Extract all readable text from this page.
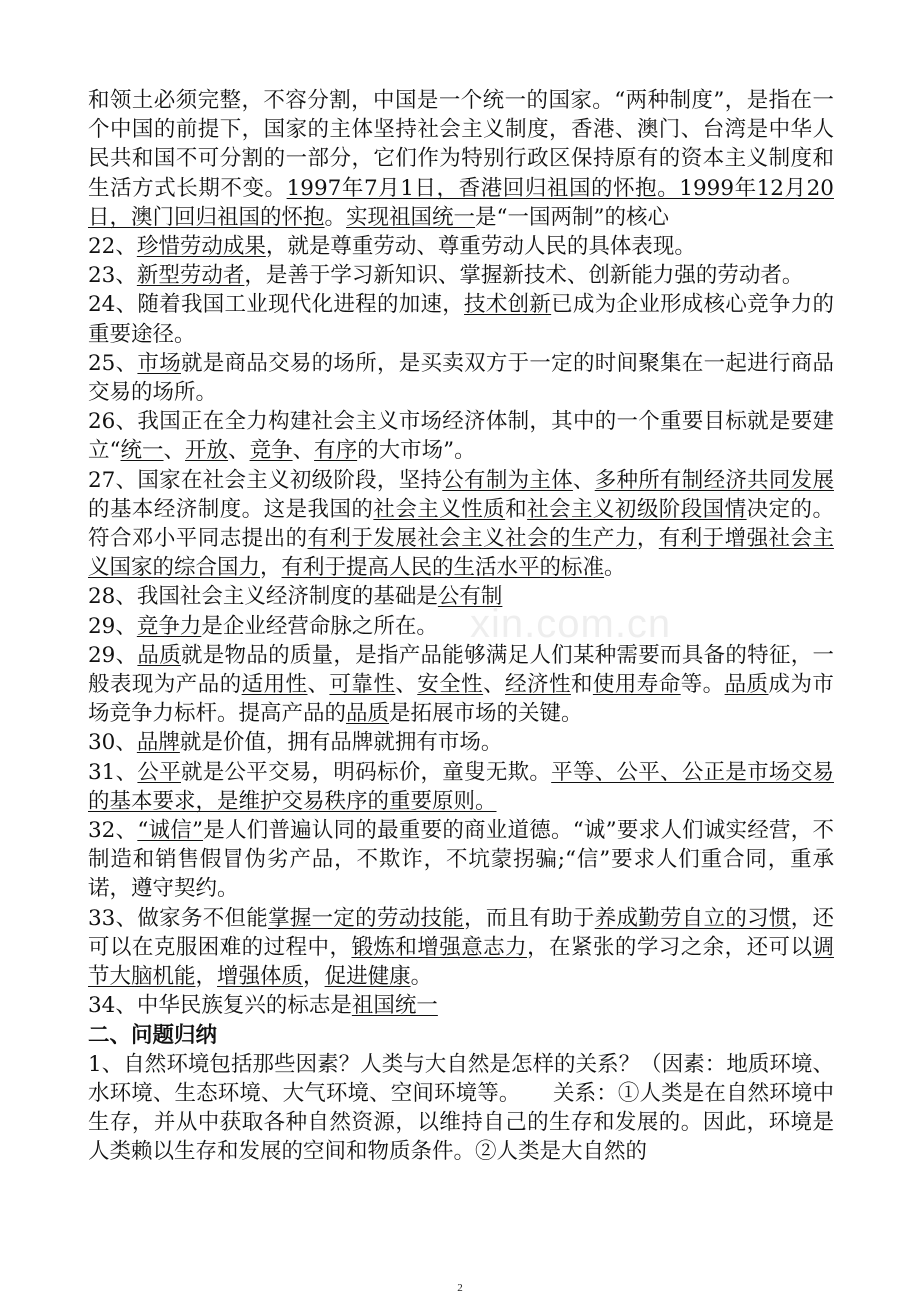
和领土必须完整，不容分割，中国是一个统一的国家。“两种制度”，是指在一个中国的前提下，国家的主体坚持社会主义制度，香港、澳门、台湾是中华人民共和国不可分割的一部分，它们作为特别行政区保持原有的资本主义制度和生活方式长期不变。1997年7月1日，香港回归祖国的怀抱。1999年12月20日，澳门回归祖国的怀抱。实现祖国统一是“一国两制”的核心

22、珍惜劳动成果，就是尊重劳动、尊重劳动人民的具体表现。

23、新型劳动者，是善于学习新知识、掌握新技术、创新能力强的劳动者。

24、随着我国工业现代化进程的加速，技术创新已成为企业形成核心竞争力的重要途径。

25、市场就是商品交易的场所，是买卖双方于一定的时间聚集在一起进行商品交易的场所。

26、我国正在全力构建社会主义市场经济体制，其中的一个重要目标就是要建立“统一、开放、竞争、有序的大市场”。

27、国家在社会主义初级阶段，坚持公有制为主体、多种所有制经济共同发展的基本经济制度。这是我国的社会主义性质和社会主义初级阶段国情决定的。符合邓小平同志提出的有利于发展社会主义社会的生产力，有利于增强社会主义国家的综合国力，有利于提高人民的生活水平的标准。

28、我国社会主义经济制度的基础是公有制

29、竞争力是企业经营命脉之所在。

29、品质就是物品的质量，是指产品能够满足人们某种需要而具备的特征，一般表现为产品的适用性、可靠性、安全性、经济性和使用寿命等。品质成为市场竞争力标杆。提高产品的品质是拓展市场的关键。

30、品牌就是价值，拥有品牌就拥有市场。

31、公平就是公平交易，明码标价，童叟无欺。平等、公平、公正是市场交易的基本要求，是维护交易秩序的重要原则。

32、“诚信”是人们普遍认同的最重要的商业道德。“诚”要求人们诚实经营，不制造和销售假冒伪劣产品，不欺诈，不坑蒙拐骗;“信”要求人们重合同，重承诺，遵守契约。

33、做家务不但能掌握一定的劳动技能，而且有助于养成勤劳自立的习惯，还可以在克服困难的过程中，锻炼和增强意志力，在紧张的学习之余，还可以调节大脑机能，增强体质，促进健康。

34、中华民族复兴的标志是祖国统一

二、问题归纳

1、自然环境包括那些因素？人类与大自然是怎样的关系？（因素：地质环境、水环境、生态环境、大气环境、空间环境等。　　关系：①人类是在自然环境中生存，并从中获取各种自然资源，以维持自己的生存和发展的。因此，环境是人类赖以生存和发展的空间和物质条件。②人类是大自然的

xin.com.cn
2
